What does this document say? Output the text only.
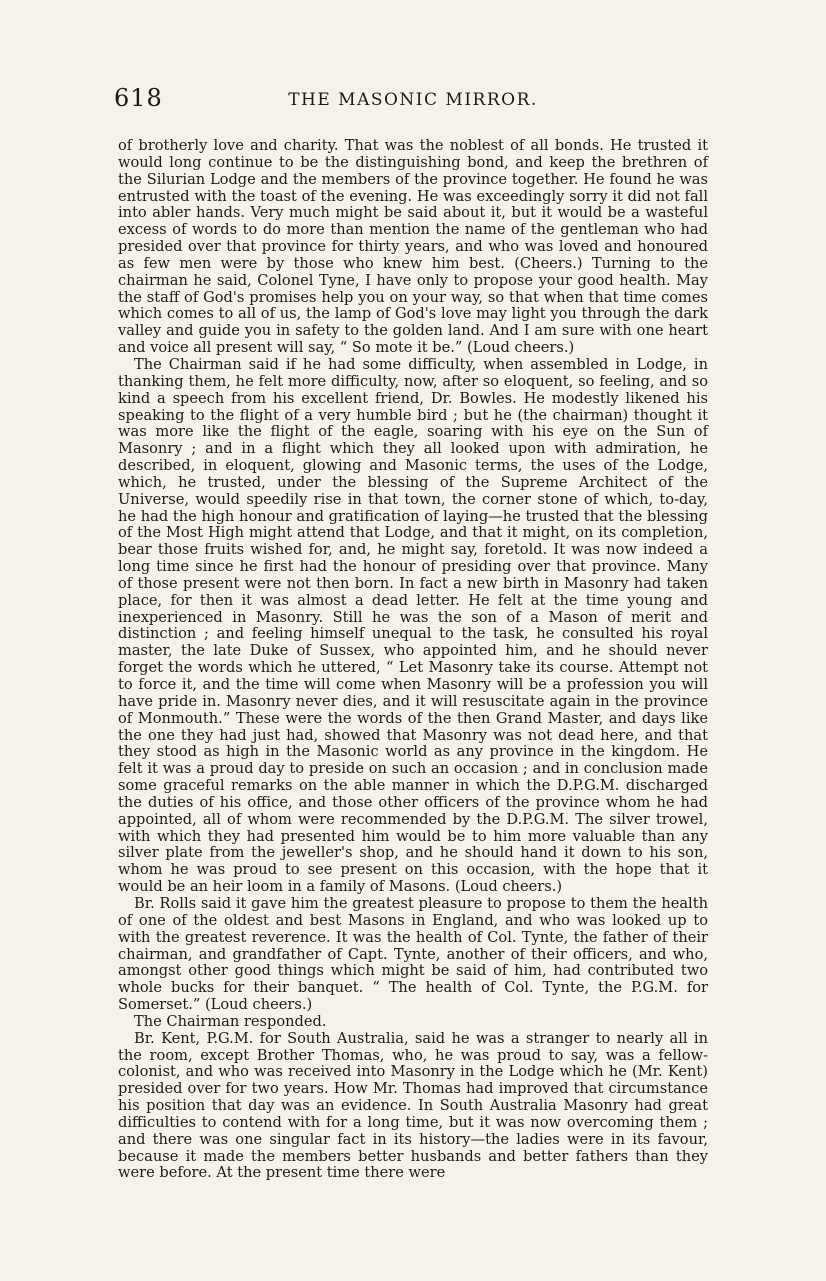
618	THE MASONIC MIRROR.

of brotherly love and charity. That was the noblest of all bonds. He trusted it would long continue to be the distinguishing bond, and keep the brethren of the Silurian Lodge and the members of the province together. He found he was entrusted with the toast of the evening. He was exceedingly sorry it did not fall into abler hands. Very much might be said about it, but it would be a wasteful excess of words to do more than mention the name of the gentleman who had presided over that province for thirty years, and who was loved and honoured as few men were by those who knew him best. (Cheers.) Turning to the chairman he said, Colonel Tyne, I have only to propose your good health. May the staff of God's promises help you on your way, so that when that time comes which comes to all of us, the lamp of God's love may light you through the dark valley and guide you in safety to the golden land. And I am sure with one heart and voice all present will say, “ So mote it be.” (Loud cheers.)

The Chairman said if he had some difficulty, when assembled in Lodge, in thanking them, he felt more difficulty, now, after so eloquent, so feeling, and so kind a speech from his excellent friend, Dr. Bowles. He modestly likened his speaking to the flight of a very humble bird ; but he (the chairman) thought it was more like the flight of the eagle, soaring with his eye on the Sun of Masonry ; and in a flight which they all looked upon with admiration, he described, in eloquent, glowing and Masonic terms, the uses of the Lodge, which, he trusted, under the blessing of the Supreme Architect of the Universe, would speedily rise in that town, the corner stone of which, to-day, he had the high honour and gratification of laying—he trusted that the blessing of the Most High might attend that Lodge, and that it might, on its completion, bear those fruits wished for, and, he might say, foretold. It was now indeed a long time since he first had the honour of presiding over that province. Many of those present were not then born. In fact a new birth in Masonry had taken place, for then it was almost a dead letter. He felt at the time young and inexperienced in Masonry. Still he was the son of a Mason of merit and distinction ; and feeling himself unequal to the task, he consulted his royal master, the late Duke of Sussex, who appointed him, and he should never forget the words which he uttered, “ Let Masonry take its course. Attempt not to force it, and the time will come when Masonry will be a profession you will have pride in. Masonry never dies, and it will resuscitate again in the province of Monmouth.” These were the words of the then Grand Master, and days like the one they had just had, showed that Masonry was not dead here, and that they stood as high in the Masonic world as any province in the kingdom. He felt it was a proud day to preside on such an occasion ; and in conclusion made some graceful remarks on the able manner in which the D.P.G.M. discharged the duties of his office, and those other officers of the province whom he had appointed, all of whom were recommended by the D.P.G.M. The silver trowel, with which they had presented him would be to him more valuable than any silver plate from the jeweller's shop, and he should hand it down to his son, whom he was proud to see present on this occasion, with the hope that it would be an heir loom in a family of Masons. (Loud cheers.)

Br. Rolls said it gave him the greatest pleasure to propose to them the health of one of the oldest and best Masons in England, and who was looked up to with the greatest reverence. It was the health of Col. Tynte, the father of their chairman, and grandfather of Capt. Tynte, another of their officers, and who, amongst other good things which might be said of him, had contributed two whole bucks for their banquet. “ The health of Col. Tynte, the P.G.M. for Somerset.” (Loud cheers.)

The Chairman responded.

Br. Kent, P.G.M. for South Australia, said he was a stranger to nearly all in the room, except Brother Thomas, who, he was proud to say, was a fellow-colonist, and who was received into Masonry in the Lodge which he (Mr. Kent) presided over for two years. How Mr. Thomas had improved that circumstance his position that day was an evidence. In South Australia Masonry had great difficulties to contend with for a long time, but it was now overcoming them ; and there was one singular fact in its history—the ladies were in its favour, because it made the members better husbands and better fathers than they were before. At the present time there were
